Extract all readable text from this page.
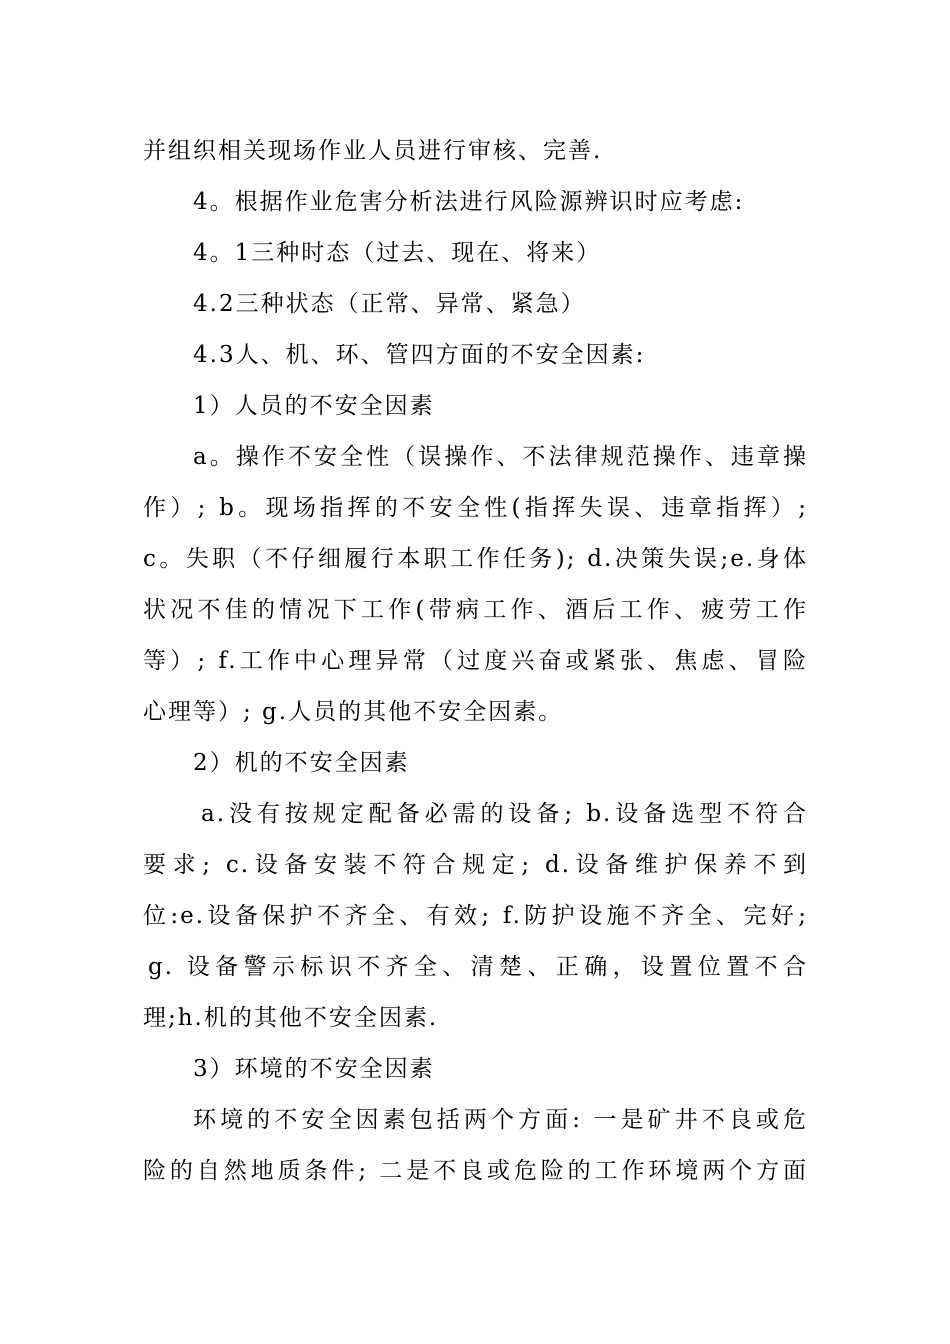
并组织相关现场作业人员进行审核、完善.
4。根据作业危害分析法进行风险源辨识时应考虑:
4。1三种时态（过去、现在、将来）
4.2三种状态（正常、异常、紧急）
4.3人、机、环、管四方面的不安全因素:
1）人员的不安全因素
a。操作不安全性（误操作、不法律规范操作、违章操
作）; b。现场指挥的不安全性(指挥失误、违章指挥）;
c。失职（不仔细履行本职工作任务); d.决策失误;e.身体
状况不佳的情况下工作(带病工作、酒后工作、疲劳工作
等）; f.工作中心理异常（过度兴奋或紧张、焦虑、冒险
心理等）; g.人员的其他不安全因素。
2）机的不安全因素
a.没有按规定配备必需的设备; b.设备选型不符合
要求; c.设备安装不符合规定; d.设备维护保养不到
位:e.设备保护不齐全、有效; f.防护设施不齐全、完好;
g. 设备警示标识不齐全、清楚、正确，设置位置不合
理;h.机的其他不安全因素.
3）环境的不安全因素
环境的不安全因素包括两个方面: 一是矿井不良或危
险的自然地质条件; 二是不良或危险的工作环境两个方面
